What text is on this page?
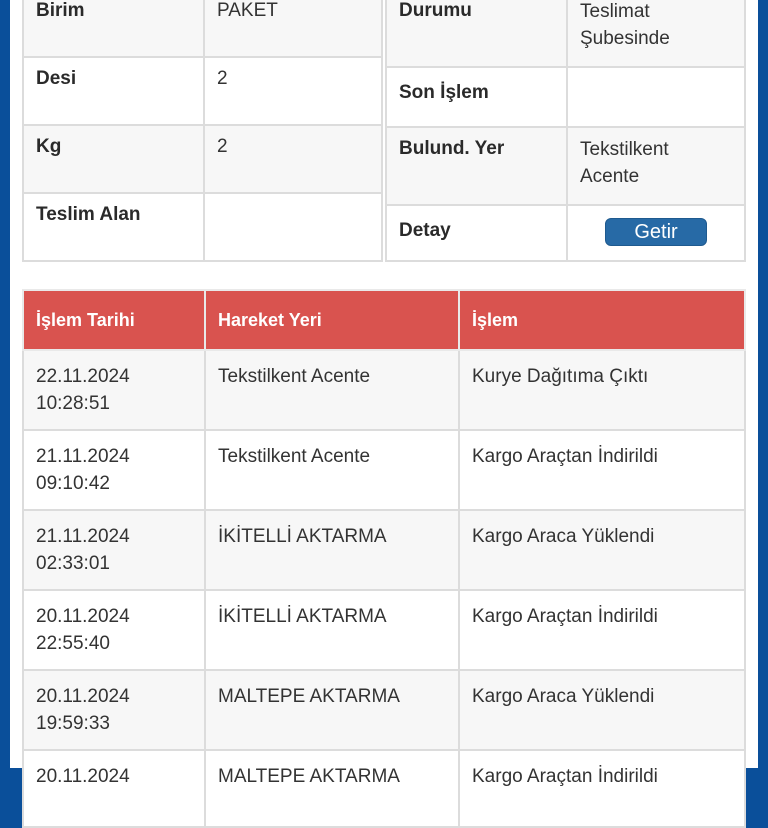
Birim	PAKET
Desi	2
Kg	2
Teslim Alan	
Durumu	Teslimat Şubesinde
Son İşlem	
Bulund. Yer	Tekstilkent Acente
Detay	Getir
İşlem Tarihi	Hareket Yeri	İşlem
22.11.2024
10:28:51	Tekstilkent Acente	Kurye Dağıtıma Çıktı
21.11.2024
09:10:42	Tekstilkent Acente	Kargo Araçtan İndirildi
21.11.2024
02:33:01	İKİTELLİ AKTARMA	Kargo Araca Yüklendi
20.11.2024
22:55:40	İKİTELLİ AKTARMA	Kargo Araçtan İndirildi
20.11.2024
19:59:33	MALTEPE AKTARMA	Kargo Araca Yüklendi
20.11.2024	MALTEPE AKTARMA	Kargo Araçtan İndirildi
